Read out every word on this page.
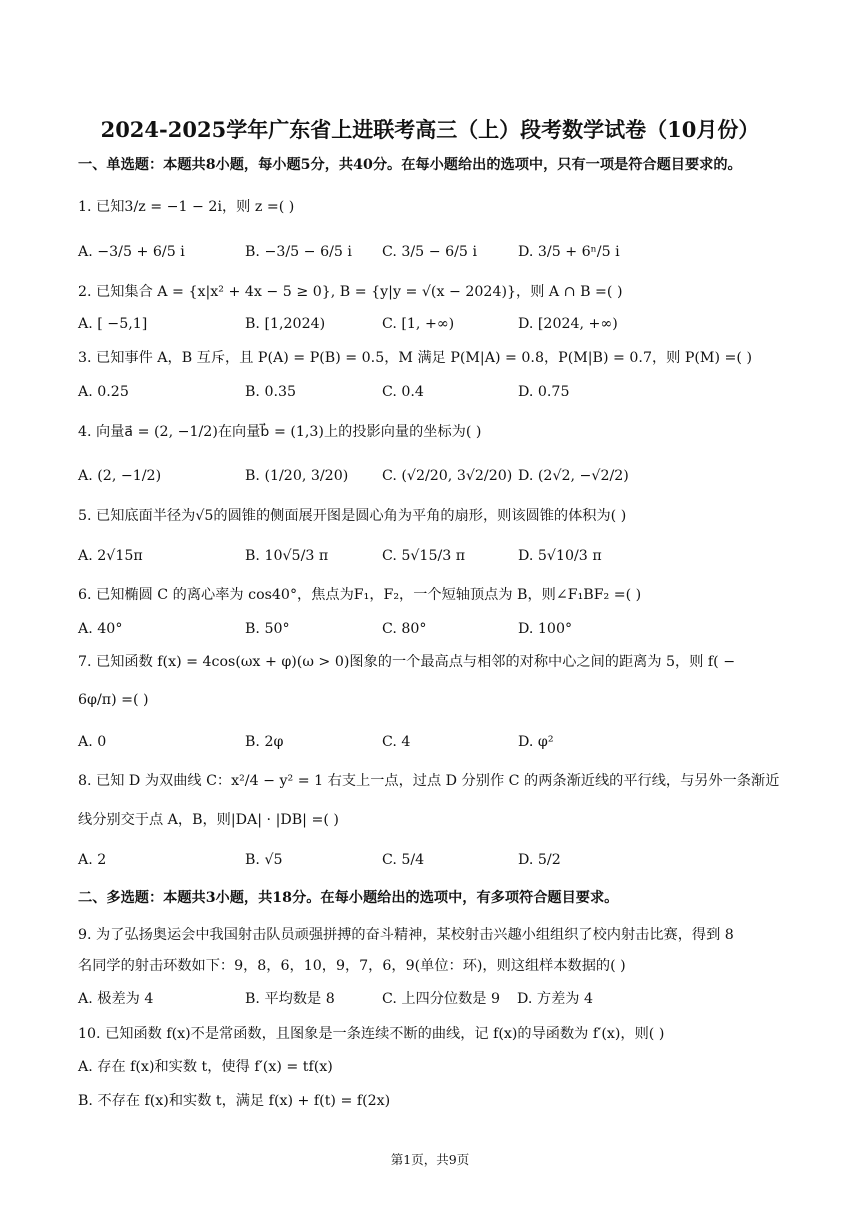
2024-2025学年广东省上进联考高三（上）段考数学试卷（10月份）
一、单选题：本题共8小题，每小题5分，共40分。在每小题给出的选项中，只有一项是符合题目要求的。
1. 已知3/z = −1 − 2i，则 z =( )
A. −3/5 + 6/5 i	B. −3/5 − 6/5 i C. 3/5 − 6/5 i	D. 3/5 + 6ⁿ/5 i
2. 已知集合 A = {x|x² + 4x − 5 ≥ 0}, B = {y|y = √(x − 2024)}，则 A ∩ B =( )
A. [ −5,1]	B. [1,2024)	C. [1, +∞)	D. [2024, +∞)
3. 已知事件 A，B 互斥，且 P(A) = P(B) = 0.5，M 满足 P(M|A) = 0.8，P(M|B) = 0.7，则 P(M) =( )
A. 0.25	B. 0.35	C. 0.4	D. 0.75
4. 向量a⃗ = (2, −1/2)在向量b⃗ = (1,3)上的投影向量的坐标为( )
A. (2, −1/2)	B. (1/20, 3/20) C. (√2/20, 3√2/20) D. (2√2, −√2/2)
5. 已知底面半径为√5的圆锥的侧面展开图是圆心角为平角的扇形，则该圆锥的体积为( )
A. 2√15π	B. 10√5/3 π	C. 5√15/3 π	D. 5√10/3 π
6. 已知椭圆 C 的离心率为 cos40°，焦点为F₁，F₂，一个短轴顶点为 B，则∠F₁BF₂ =( )
A. 40°	B. 50°	C. 80°	D. 100°
7. 已知函数 f(x) = 4cos(ωx + φ)(ω > 0)图象的一个最高点与相邻的对称中心之间的距离为 5，则 f( −
6φ/π) =( )
A. 0	B. 2φ	C. 4	D. φ²
8. 已知 D 为双曲线 C：x²/4 − y² = 1 右支上一点，过点 D 分别作 C 的两条渐近线的平行线，与另外一条渐近
线分别交于点 A，B，则|DA| · |DB| =( )
A. 2	B. √5	C. 5/4	D. 5/2
二、多选题：本题共3小题，共18分。在每小题给出的选项中，有多项符合题目要求。
9. 为了弘扬奥运会中我国射击队员顽强拼搏的奋斗精神，某校射击兴趣小组组织了校内射击比赛，得到 8
名同学的射击环数如下：9，8，6，10，9，7，6，9(单位：环)，则这组样本数据的( )
A. 极差为 4	B. 平均数是 8	C. 上四分位数是 9 D. 方差为 4
10. 已知函数 f(x)不是常函数，且图象是一条连续不断的曲线，记 f(x)的导函数为 f′(x)，则( )
A. 存在 f(x)和实数 t，使得 f′(x) = tf(x)
B. 不存在 f(x)和实数 t，满足 f(x) + f(t) = f(2x)
第1页，共9页
